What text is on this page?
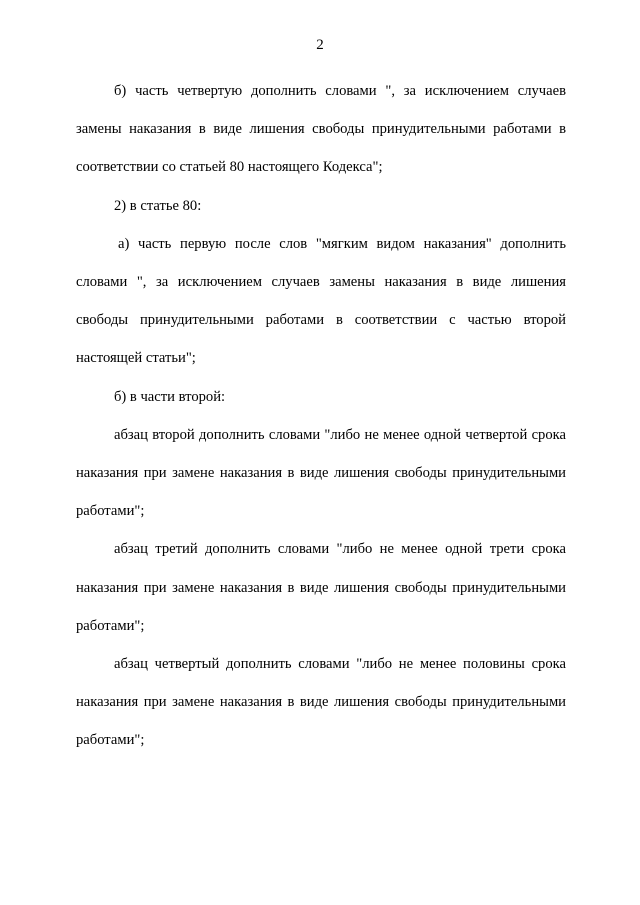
2

б) часть четвертую дополнить словами ", за исключением случаев замены наказания в виде лишения свободы принудительными работами в соответствии со статьей 80 настоящего Кодекса";

2) в статье 80:

а) часть первую после слов "мягким видом наказания" дополнить словами ", за исключением случаев замены наказания в виде лишения свободы принудительными работами в соответствии с частью второй настоящей статьи";

б) в части второй:

абзац второй дополнить словами "либо не менее одной четвертой срока наказания при замене наказания в виде лишения свободы принудительными работами";

абзац третий дополнить словами "либо не менее одной трети срока наказания при замене наказания в виде лишения свободы принудительными работами";

абзац четвертый дополнить словами "либо не менее половины срока наказания при замене наказания в виде лишения свободы принудительными работами";
